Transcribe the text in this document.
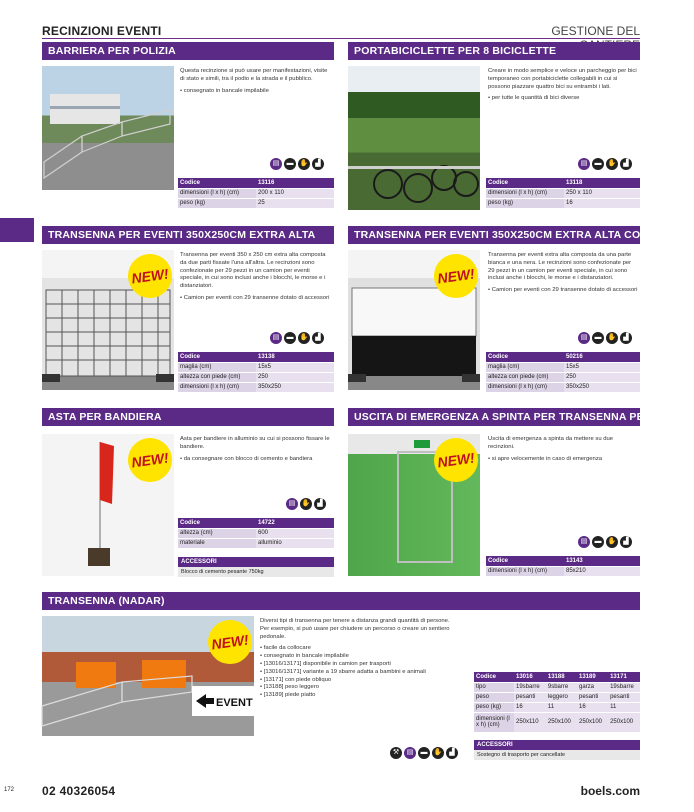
RECINZIONI EVENTI	GESTIONE DEL
BARRIERA PER POLIZIA
Questa recinzione si può usare per manifestazioni, visite di stato e simili, tra il podio e la strada e il pubblico.
• consegnato in bancale impilabile
▤	▬ ✋ ▟
Codice	13116
dimensioni (l x h) (cm)	200 x 110
peso (kg)	25
PORTABICICLETTE PER 8 BICICLETTE
Creare in modo semplice e veloce un parcheggio per bici temporaneo con portabiciclette collegabili in cui si possono piazzare quattro bici su entrambi i lati.
• per tutte le quantità di bici diverse
▤	▬ ✋ ▟
Codice	13118
dimensioni (l x h) (cm)	250 x 110
peso (kg)	16
TRANSENNA PER EVENTI 350X250CM EXTRA ALTA
NEW!
Transenna per eventi 350 x 250 cm extra alta composta da due parti fissate l'una all'altra. Le recinzioni sono confezionate per 29 pezzi in un camion per eventi speciale, in cui sono inclusi anche i blocchi, le morse e i distanziatori.
• Camion per eventi con 29 transenne dotato di accessori
▤	▬ ✋ ▟
Codice	13138
maglia (cm)	15x5
altezza con piede (cm)	250
dimensioni (l x h) (cm)	350x250
TRANSENNA PER EVENTI 350X250CM EXTRA ALTA CON TELO
NEW!
Transenna per eventi extra alta composta da una parte bianca e una nera. Le recinzioni sono confezionate per 29 pezzi in un camion per eventi speciale, in cui sono inclusi anche i blocchi, le morse e i distanziatori.
• Camion per eventi con 29 transenne dotato di accessori
▤	▬ ✋ ▟
Codice	50216
maglia (cm)	15x5
altezza con piede (cm)	250
dimensioni (l x h) (cm)	350x250
ASTA PER BANDIERA
NEW!
Asta per bandiere in alluminio su cui si possono fissare le bandiere.
• da consegnare con blocco di cemento e bandiera
▤ ✋ ▟
Codice	14722
altezza (cm)	600
materiale	alluminio
ACCESSORI
Blocco di cemento pesante 750kg
USCITA DI EMERGENZA A SPINTA PER TRANSENNA PER EVENTI
NEW!
Uscita di emergenza a spinta da mettere su due recinzioni.
• si apre velocemente in caso di emergenza
▤	▬ ✋ ▟
Codice	13143
dimensioni (l x h) (cm)	85x210
TRANSENNA (NADAR)
EVENT
NEW!
Diversi tipi di transenna per tenere a distanza grandi quantità di persone. Per esempio, si può usare per chiudere un percorso o creare un sentiero pedonale.
• facile da collocare
• consegnato in bancale impilabile
• [13016/13171] disponibile in camion per trasporti
• [13016/13171] variante a 19 sbarre adatta a bambini e animali
• [13171] con piede obliquo
• [13188] peso leggero
• [13189] piede piatto
Codice	13016	13188	13189	13171
tipo	19sbarre	9sbarre	garza	19sbarre
peso	pesanti	leggero	pesanti	pesanti
peso (kg)	16	11	16	11
dimensioni (l x h) (cm)	250x110	250x100	250x100	250x100
ACCESSORI
Sostegno di trasporto per cancellate
⚒	▤	▬ ✋ ▟
172 02 40326054	boels.com
